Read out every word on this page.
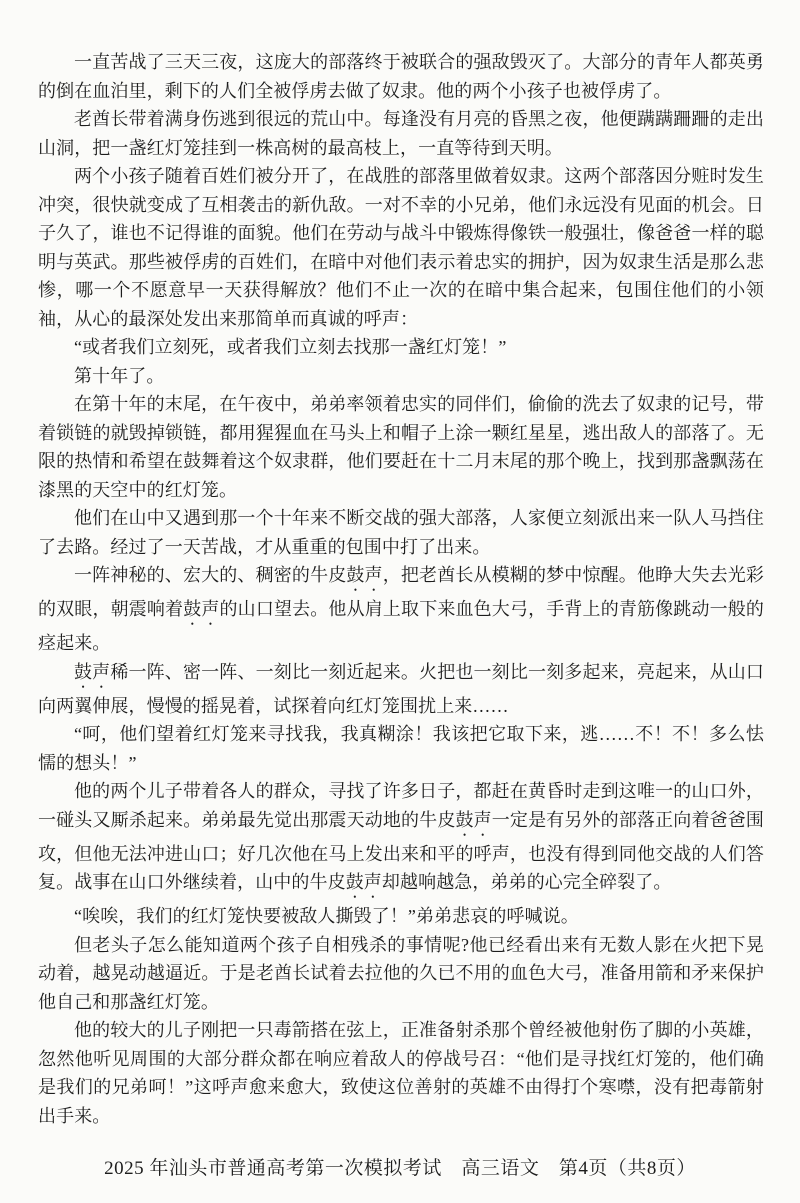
一直苦战了三天三夜，这庞大的部落终于被联合的强敌毁灭了。大部分的青年人都英勇的倒在血泊里，剩下的人们全被俘虏去做了奴隶。他的两个小孩子也被俘虏了。

老酋长带着满身伤逃到很远的荒山中。每逢没有月亮的昏黑之夜，他便蹒蹒跚跚的走出山洞，把一盏红灯笼挂到一株高树的最高枝上，一直等待到天明。

两个小孩子随着百姓们被分开了，在战胜的部落里做着奴隶。这两个部落因分赃时发生冲突，很快就变成了互相袭击的新仇敌。一对不幸的小兄弟，他们永远没有见面的机会。日子久了，谁也不记得谁的面貌。他们在劳动与战斗中锻炼得像铁一般强壮，像爸爸一样的聪明与英武。那些被俘虏的百姓们，在暗中对他们表示着忠实的拥护，因为奴隶生活是那么悲惨，哪一个不愿意早一天获得解放？他们不止一次的在暗中集合起来，包围住他们的小领袖，从心的最深处发出来那简单而真诚的呼声：

“或者我们立刻死，或者我们立刻去找那一盏红灯笼！”

第十年了。

在第十年的末尾，在午夜中，弟弟率领着忠实的同伴们，偷偷的洗去了奴隶的记号，带着锁链的就毁掉锁链，都用猩猩血在马头上和帽子上涂一颗红星星，逃出敌人的部落了。无限的热情和希望在鼓舞着这个奴隶群，他们要赶在十二月末尾的那个晚上，找到那盏飘荡在漆黑的天空中的红灯笼。

他们在山中又遇到那一个十年来不断交战的强大部落，人家便立刻派出来一队人马挡住了去路。经过了一天苦战，才从重重的包围中打了出来。

一阵神秘的、宏大的、稠密的牛皮鼓声，把老酋长从模糊的梦中惊醒。他睁大失去光彩的双眼，朝震响着鼓声的山口望去。他从肩上取下来血色大弓，手背上的青筋像跳动一般的痉起来。

鼓声稀一阵、密一阵、一刻比一刻近起来。火把也一刻比一刻多起来，亮起来，从山口向两翼伸展，慢慢的摇晃着，试探着向红灯笼围扰上来……

“呵，他们望着红灯笼来寻找我，我真糊涂！我该把它取下来，逃……不！不！多么怯懦的想头！”

他的两个儿子带着各人的群众，寻找了许多日子，都赶在黄昏时走到这唯一的山口外，一碰头又厮杀起来。弟弟最先觉出那震天动地的牛皮鼓声一定是有另外的部落正向着爸爸围攻，但他无法冲进山口；好几次他在马上发出来和平的呼声，也没有得到同他交战的人们答复。战事在山口外继续着，山中的牛皮鼓声却越响越急，弟弟的心完全碎裂了。

“唉唉，我们的红灯笼快要被敌人撕毁了！”弟弟悲哀的呼喊说。

但老头子怎么能知道两个孩子自相残杀的事情呢?他已经看出来有无数人影在火把下晃动着，越晃动越逼近。于是老酋长试着去拉他的久已不用的血色大弓，准备用箭和矛来保护他自己和那盏红灯笼。

他的较大的儿子刚把一只毒箭搭在弦上，正准备射杀那个曾经被他射伤了脚的小英雄，忽然他听见周围的大部分群众都在响应着敌人的停战号召：“他们是寻找红灯笼的，他们确是我们的兄弟呵！”这呼声愈来愈大，致使这位善射的英雄不由得打个寒噤，没有把毒箭射出手来。

2025 年汕头市普通高考第一次模拟考试　高三语文　第4页（共8页）
